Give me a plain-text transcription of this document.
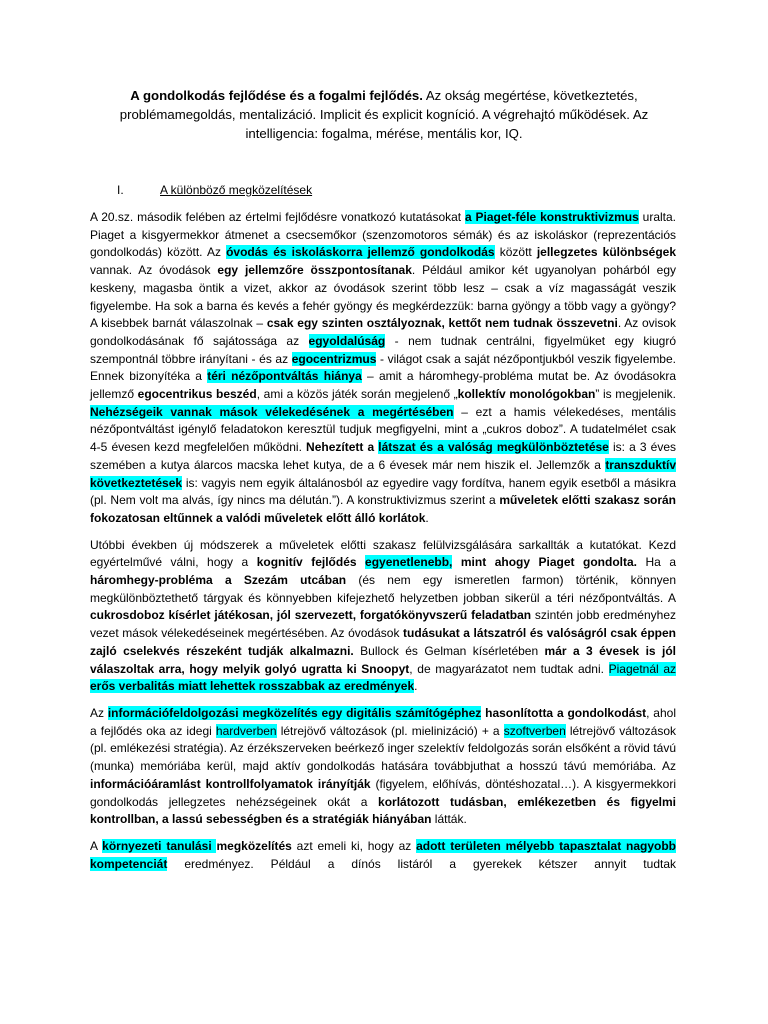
A gondolkodás fejlődése és a fogalmi fejlődés. Az okság megértése, következtetés, problémamegoldás, mentalizáció. Implicit és explicit kogníció. A végrehajtó működések. Az intelligencia: fogalma, mérése, mentális kor, IQ.
I.	A különböző megközelítések

A 20.sz. második felében az értelmi fejlődésre vonatkozó kutatásokat a Piaget-féle konstruktivizmus uralta. Piaget a kisgyermekkor átmenet a csecsemőkor (szenzomotoros sémák) és az iskoláskor (reprezentációs gondolkodás) között. Az óvodás és iskoláskorra jellemző gondolkodás között jellegzetes különbségek vannak. Az óvodások egy jellemzőre összpontosítanak. Például amikor két ugyanolyan pohárból egy keskeny, magasba öntik a vizet, akkor az óvodások szerint több lesz – csak a víz magasságát veszik figyelembe. Ha sok a barna és kevés a fehér gyöngy és megkérdezzük: barna gyöngy a több vagy a gyöngy? A kisebbek barnát válaszolnak – csak egy szinten osztályoznak, kettőt nem tudnak összevetni. Az ovisok gondolkodásának fő sajátossága az egyoldalúság - nem tudnak centrálni, figyelmüket egy kiugró szempontnál többre irányítani - és az egocentrizmus - világot csak a saját nézőpontjukból veszik figyelembe. Ennek bizonyítéka a téri nézőpontváltás hiánya – amit a háromhegy-probléma mutat be. Az óvodásokra jellemző egocentrikus beszéd, ami a közös játék során megjelenő „kollektív monológokban” is megjelenik. Nehézségeik vannak mások vélekedésének a megértésében – ezt a hamis vélekedéses, mentális nézőpontváltást igénylő feladatokon keresztül tudjuk megfigyelni, mint a „cukros doboz”. A tudatelmélet csak 4-5 évesen kezd megfelelően működni. Nehezített a látszat és a valóság megkülönböztetése is: a 3 éves szemében a kutya álarcos macska lehet kutya, de a 6 évesek már nem hiszik el. Jellemzők a transzduktív következtetések is: vagyis nem egyik általánosból az egyedire vagy fordítva, hanem egyik esetből a másikra (pl. Nem volt ma alvás, így nincs ma délután.”). A konstruktivizmus szerint a műveletek előtti szakasz során fokozatosan eltűnnek a valódi műveletek előtt álló korlátok.

Utóbbi években új módszerek a műveletek előtti szakasz felülvizsgálására sarkallták a kutatókat. Kezd egyértelművé válni, hogy a kognitív fejlődés egyenetlenebb, mint ahogy Piaget gondolta. Ha a háromhegy-probléma a Szezám utcában (és nem egy ismeretlen farmon) történik, könnyen megkülönböztethető tárgyak és könnyebben kifejezhető helyzetben jobban sikerül a téri nézőpontváltás. A cukrosdoboz kísérlet játékosan, jól szervezett, forgatókönyvszerű feladatban szintén jobb eredményhez vezet mások vélekedéseinek megértésében. Az óvodások tudásukat a látszatról és valóságról csak éppen zajló cselekvés részeként tudják alkalmazni. Bullock és Gelman kísérletében már a 3 évesek is jól válaszoltak arra, hogy melyik golyó ugratta ki Snoopyt, de magyarázatot nem tudtak adni. Piagetnál az erős verbalitás miatt lehettek rosszabbak az eredmények.

Az információfeldolgozási megközelítés egy digitális számítógéphez hasonlította a gondolkodást, ahol a fejlődés oka az idegi hardverben létrejövő változások (pl. mielinizáció) + a szoftverben létrejövő változások (pl. emlékezési stratégia). Az érzékszerveken beérkező inger szelektív feldolgozás során elsőként a rövid távú (munka) memóriába kerül, majd aktív gondolkodás hatására továbbjuthat a hosszú távú memóriába. Az információáramlást kontrollfolyamatok irányítják (figyelem, előhívás, döntéshozatal…). A kisgyermekkori gondolkodás jellegzetes nehézségeinek okát a korlátozott tudásban, emlékezetben és figyelmi kontrollban, a lassú sebességben és a stratégiák hiányában látták.

A környezeti tanulási megközelítés azt emeli ki, hogy az adott területen mélyebb tapasztalat nagyobb kompetenciát eredményez. Például a dínós listáról a gyerekek kétszer annyit tudtak
